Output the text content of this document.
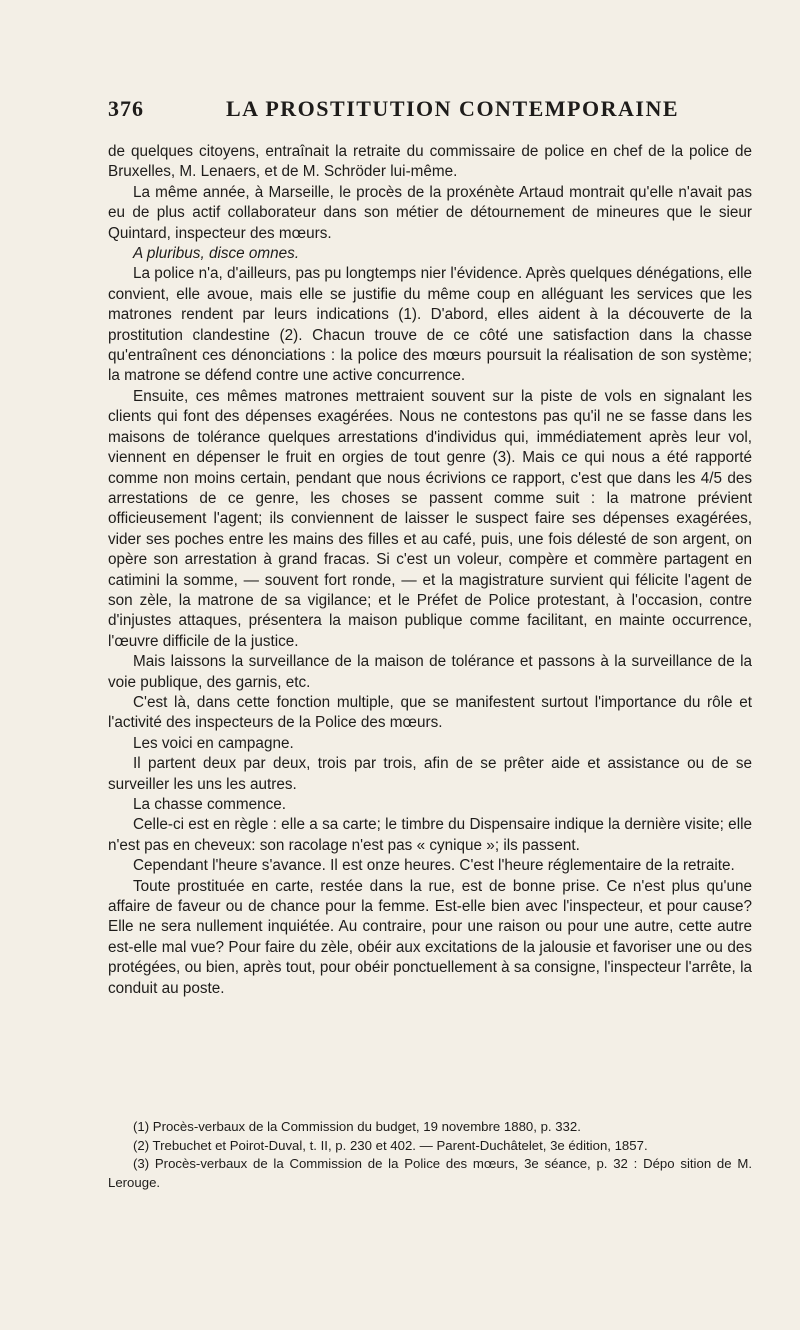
376	LA PROSTITUTION CONTEMPORAINE

de quelques citoyens, entraînait la retraite du commissaire de police en chef de la police de Bruxelles, M. Lenaers, et de M. Schröder lui-même.

La même année, à Marseille, le procès de la proxénète Artaud montrait qu'elle n'avait pas eu de plus actif collaborateur dans son métier de détournement de mineures que le sieur Quintard, inspecteur des mœurs.

A pluribus, disce omnes.

La police n'a, d'ailleurs, pas pu longtemps nier l'évidence. Après quelques dénégations, elle convient, elle avoue, mais elle se justifie du même coup en alléguant les services que les matrones rendent par leurs indications (1). D'abord, elles aident à la découverte de la prostitution clandestine (2). Chacun trouve de ce côté une satisfaction dans la chasse qu'entraînent ces dénonciations : la police des mœurs poursuit la réalisation de son système; la matrone se défend contre une active concurrence.

Ensuite, ces mêmes matrones mettraient souvent sur la piste de vols en signalant les clients qui font des dépenses exagérées. Nous ne contestons pas qu'il ne se fasse dans les maisons de tolérance quelques arrestations d'individus qui, immédiatement après leur vol, viennent en dépenser le fruit en orgies de tout genre (3). Mais ce qui nous a été rapporté comme non moins certain, pendant que nous écrivions ce rapport, c'est que dans les 4/5 des arrestations de ce genre, les choses se passent comme suit : la matrone prévient officieusement l'agent; ils conviennent de laisser le suspect faire ses dépenses exagérées, vider ses poches entre les mains des filles et au café, puis, une fois délesté de son argent, on opère son arrestation à grand fracas. Si c'est un voleur, compère et commère partagent en catimini la somme, — souvent fort ronde, — et la magistrature survient qui félicite l'agent de son zèle, la matrone de sa vigilance; et le Préfet de Police protestant, à l'occasion, contre d'injustes attaques, présentera la maison publique comme facilitant, en mainte occurrence, l'œuvre difficile de la justice.

Mais laissons la surveillance de la maison de tolérance et passons à la surveillance de la voie publique, des garnis, etc.

C'est là, dans cette fonction multiple, que se manifestent surtout l'importance du rôle et l'activité des inspecteurs de la Police des mœurs.

Les voici en campagne.

Il partent deux par deux, trois par trois, afin de se prêter aide et assistance ou de se surveiller les uns les autres.

La chasse commence.

Celle-ci est en règle : elle a sa carte; le timbre du Dispensaire indique la dernière visite; elle n'est pas en cheveux: son racolage n'est pas « cynique »; ils passent.

Cependant l'heure s'avance. Il est onze heures. C'est l'heure réglementaire de la retraite.

Toute prostituée en carte, restée dans la rue, est de bonne prise. Ce n'est plus qu'une affaire de faveur ou de chance pour la femme. Est-elle bien avec l'inspecteur, et pour cause? Elle ne sera nullement inquiétée. Au contraire, pour une raison ou pour une autre, cette autre est-elle mal vue? Pour faire du zèle, obéir aux excitations de la jalousie et favoriser une ou des protégées, ou bien, après tout, pour obéir ponctuellement à sa consigne, l'inspecteur l'arrête, la conduit au poste.

(1) Procès-verbaux de la Commission du budget, 19 novembre 1880, p. 332.

(2) Trebuchet et Poirot-Duval, t. II, p. 230 et 402. — Parent-Duchâtelet, 3e édition, 1857.

(3) Procès-verbaux de la Commission de la Police des mœurs, 3e séance, p. 32 : Dépo sition de M. Lerouge.
